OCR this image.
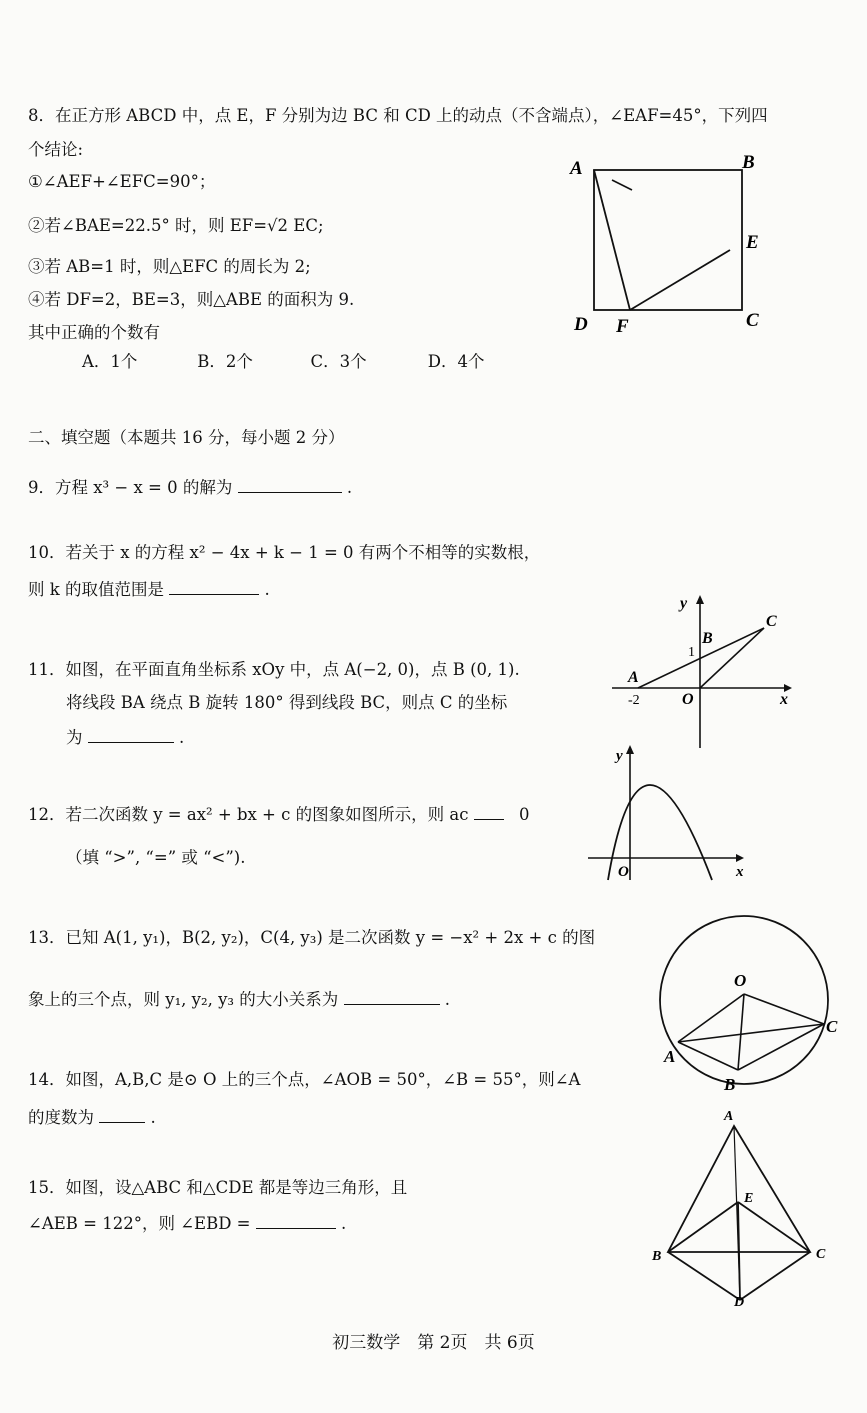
8．在正方形 ABCD 中，点 E，F 分别为边 BC 和 CD 上的动点（不含端点），∠EAF=45°，下列四
个结论:
①∠AEF+∠EFC=90°；
②若∠BAE=22.5° 时，则 EF=√2 EC;
③若 AB=1 时，则△EFC 的周长为 2;
④若 DF=2，BE=3，则△ABE 的面积为 9.
其中正确的个数有
A．1个	B．2个	C．3个	D．4个
A	B
C
D
E
F
二、填空题（本题共 16 分，每小题 2 分）
9．方程 x³ − x = 0 的解为	.
10．若关于 x 的方程 x² − 4x + k − 1 = 0 有两个不相等的实数根，
则 k 的取值范围是	.
11．如图，在平面直角坐标系 xOy 中，点 A(−2, 0)，点 B (0, 1).
将线段 BA 绕点 B 旋转 180° 得到线段 BC，则点 C 的坐标
为	.
y
x
O
A
B
C
1
-2
12．若二次函数 y = ax² + bx + c 的图象如图所示，则 ac	0
（填 “>”, “=” 或 “<”).
y
x
O
13．已知 A(1, y₁)，B(2, y₂)，C(4, y₃) 是二次函数 y = −x² + 2x + c 的图
象上的三个点，则 y₁, y₂, y₃ 的大小关系为	.
O
A
B
C
14．如图，A,B,C 是⊙ O 上的三个点，∠AOB = 50°，∠B = 55°，则∠A
的度数为	.
15．如图，设△ABC 和△CDE 都是等边三角形，且
∠AEB = 122°，则 ∠EBD =	.
A
B	C
D
E
初三数学　第 2页　共 6页
